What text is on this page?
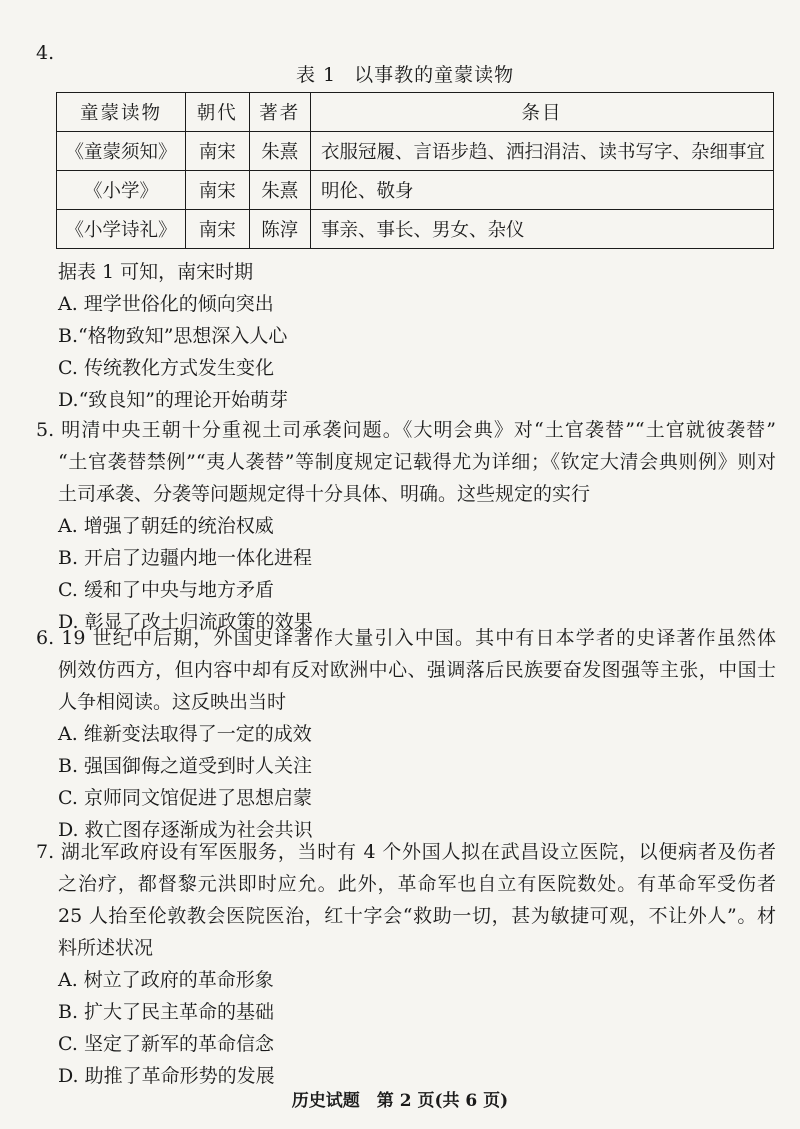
4.
表 1 以事教的童蒙读物
童蒙读物	朝代	著者	条目
《童蒙须知》	南宋	朱熹	衣服冠履、言语步趋、洒扫涓洁、读书写字、杂细事宜
《小学》	南宋	朱熹	明伦、敬身
《小学诗礼》	南宋	陈淳	事亲、事长、男女、杂仪
据表 1 可知，南宋时期
A. 理学世俗化的倾向突出
B.“格物致知”思想深入人心
C. 传统教化方式发生变化
D.“致良知”的理论开始萌芽
5. 明清中央王朝十分重视土司承袭问题。《大明会典》对“土官袭替”“土官就彼袭替”
“土官袭替禁例”“夷人袭替”等制度规定记载得尤为详细；《钦定大清会典则例》则对
土司承袭、分袭等问题规定得十分具体、明确。这些规定的实行
A. 增强了朝廷的统治权威
B. 开启了边疆内地一体化进程
C. 缓和了中央与地方矛盾
D. 彰显了改土归流政策的效果
6. 19 世纪中后期，外国史译著作大量引入中国。其中有日本学者的史译著作虽然体
例效仿西方，但内容中却有反对欧洲中心、强调落后民族要奋发图强等主张，中国士
人争相阅读。这反映出当时
A. 维新变法取得了一定的成效
B. 强国御侮之道受到时人关注
C. 京师同文馆促进了思想启蒙
D. 救亡图存逐渐成为社会共识
7. 湖北军政府设有军医服务，当时有 4 个外国人拟在武昌设立医院，以便病者及伤者
之治疗，都督黎元洪即时应允。此外，革命军也自立有医院数处。有革命军受伤者
25 人抬至伦敦教会医院医治，红十字会“救助一切，甚为敏捷可观，不让外人”。材
料所述状况
A. 树立了政府的革命形象
B. 扩大了民主革命的基础
C. 坚定了新军的革命信念
D. 助推了革命形势的发展
历史试题　第 2 页(共 6 页)
